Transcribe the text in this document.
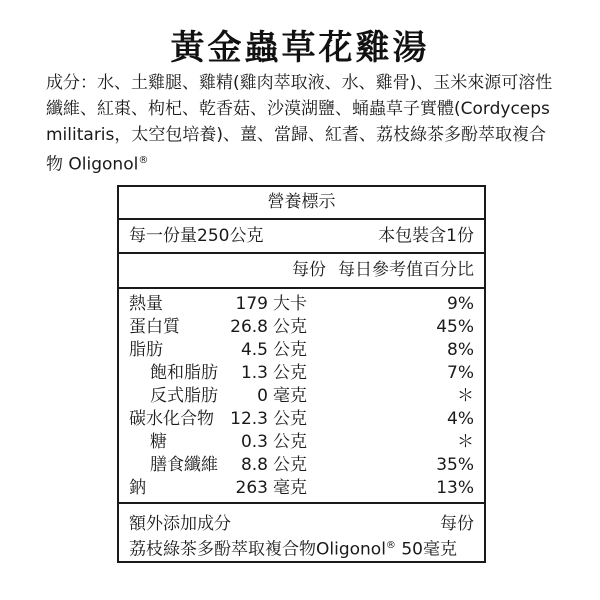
黃金蟲草花雞湯
成分：水、土雞腿、雞精(雞肉萃取液、水、雞骨)、玉米來源可溶性纖維、紅棗、枸杞、乾香菇、沙漠湖鹽、蛹蟲草子實體(Cordyceps militaris，太空包培養)、薑、當歸、紅耆、荔枝綠茶多酚萃取複合物 Oligonol®
營養標示
每一份量250公克	本包裝含1份
每份 每日參考值百分比
熱量	179 大卡	9%
蛋白質	26.8 公克	45%
脂肪	4.5 公克	8%
飽和脂肪 1.3 公克	7%
反式脂肪 0 毫克	＊
碳水化合物 12.3 公克	4%
糖	0.3 公克	＊
膳食纖維 8.8 公克	35%
鈉	263 毫克	13%
額外添加成分	每份
荔枝綠茶多酚萃取複合物Oligonol® 50毫克
